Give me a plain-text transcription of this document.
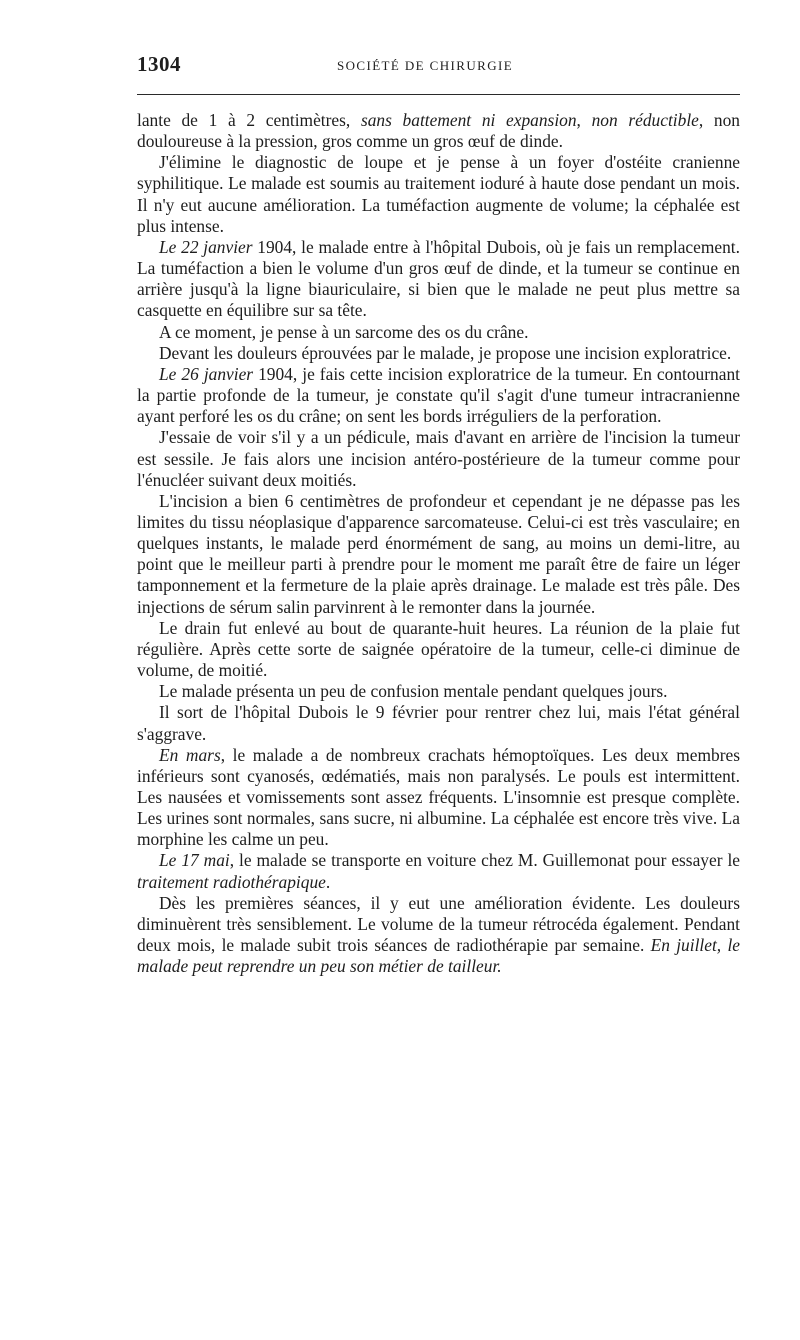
1304	SOCIÉTÉ DE CHIRURGIE

lante de 1 à 2 centimètres, sans battement ni expansion, non réductible, non douloureuse à la pression, gros comme un gros œuf de dinde.

J'élimine le diagnostic de loupe et je pense à un foyer d'ostéite cranienne syphilitique. Le malade est soumis au traitement ioduré à haute dose pendant un mois. Il n'y eut aucune amélioration. La tuméfaction augmente de volume; la céphalée est plus intense.

Le 22 janvier 1904, le malade entre à l'hôpital Dubois, où je fais un remplacement. La tuméfaction a bien le volume d'un gros œuf de dinde, et la tumeur se continue en arrière jusqu'à la ligne biauriculaire, si bien que le malade ne peut plus mettre sa casquette en équilibre sur sa tête.

A ce moment, je pense à un sarcome des os du crâne.

Devant les douleurs éprouvées par le malade, je propose une incision exploratrice.

Le 26 janvier 1904, je fais cette incision exploratrice de la tumeur. En contournant la partie profonde de la tumeur, je constate qu'il s'agit d'une tumeur intracranienne ayant perforé les os du crâne; on sent les bords irréguliers de la perforation.

J'essaie de voir s'il y a un pédicule, mais d'avant en arrière de l'incision la tumeur est sessile. Je fais alors une incision antéro-postérieure de la tumeur comme pour l'énucléer suivant deux moitiés.

L'incision a bien 6 centimètres de profondeur et cependant je ne dépasse pas les limites du tissu néoplasique d'apparence sarcomateuse. Celui-ci est très vasculaire; en quelques instants, le malade perd énormément de sang, au moins un demi-litre, au point que le meilleur parti à prendre pour le moment me paraît être de faire un léger tamponnement et la fermeture de la plaie après drainage. Le malade est très pâle. Des injections de sérum salin parvinrent à le remonter dans la journée.

Le drain fut enlevé au bout de quarante-huit heures. La réunion de la plaie fut régulière. Après cette sorte de saignée opératoire de la tumeur, celle-ci diminue de volume, de moitié.

Le malade présenta un peu de confusion mentale pendant quelques jours.

Il sort de l'hôpital Dubois le 9 février pour rentrer chez lui, mais l'état général s'aggrave.

En mars, le malade a de nombreux crachats hémoptoïques. Les deux membres inférieurs sont cyanosés, œdématiés, mais non paralysés. Le pouls est intermittent. Les nausées et vomissements sont assez fréquents. L'insomnie est presque complète. Les urines sont normales, sans sucre, ni albumine. La céphalée est encore très vive. La morphine les calme un peu.

Le 17 mai, le malade se transporte en voiture chez M. Guillemonat pour essayer le traitement radiothérapique.

Dès les premières séances, il y eut une amélioration évidente. Les douleurs diminuèrent très sensiblement. Le volume de la tumeur rétrocéda également. Pendant deux mois, le malade subit trois séances de radiothérapie par semaine. En juillet, le malade peut reprendre un peu son métier de tailleur.
